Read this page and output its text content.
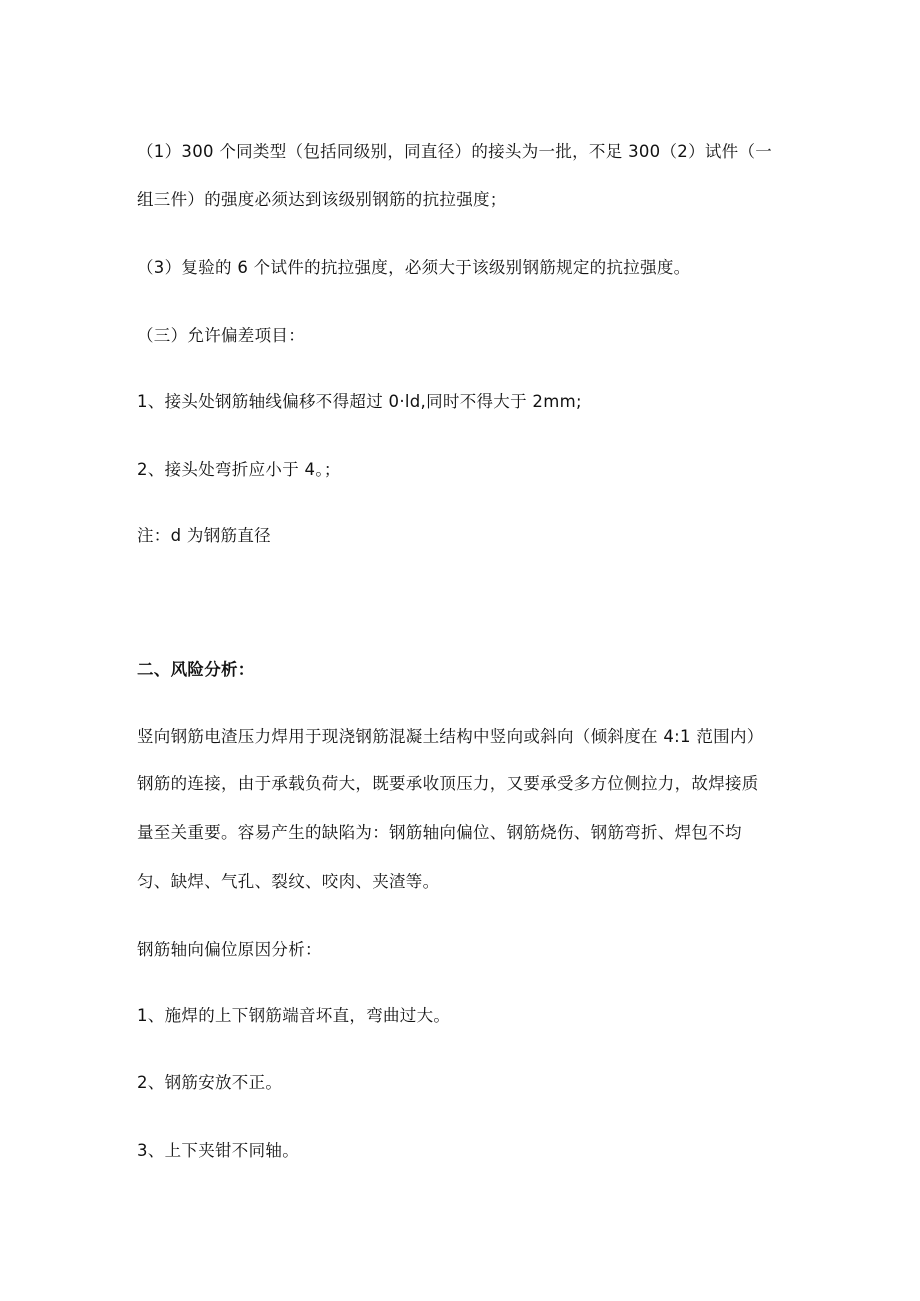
（1）300 个同类型（包括同级别，同直径）的接头为一批，不足 300（2）试件（一

组三件）的强度必须达到该级别钢筋的抗拉强度；

（3）复验的 6 个试件的抗拉强度，必须大于该级别钢筋规定的抗拉强度。

（三）允许偏差项目：

1、接头处钢筋轴线偏移不得超过 0·ld,同时不得大于 2mm;

2、接头处弯折应小于 4。；

注：d 为钢筋直径

二、风险分析：

竖向钢筋电渣压力焊用于现浇钢筋混凝土结构中竖向或斜向（倾斜度在 4:1 范围内）

钢筋的连接，由于承载负荷大，既要承收顶压力，又要承受多方位侧拉力，故焊接质

量至关重要。容易产生的缺陷为：钢筋轴向偏位、钢筋烧伤、钢筋弯折、焊包不均

匀、缺焊、气孔、裂纹、咬肉、夹渣等。

钢筋轴向偏位原因分析：

1、施焊的上下钢筋端音坏直，弯曲过大。

2、钢筋安放不正。

3、上下夹钳不同轴。
